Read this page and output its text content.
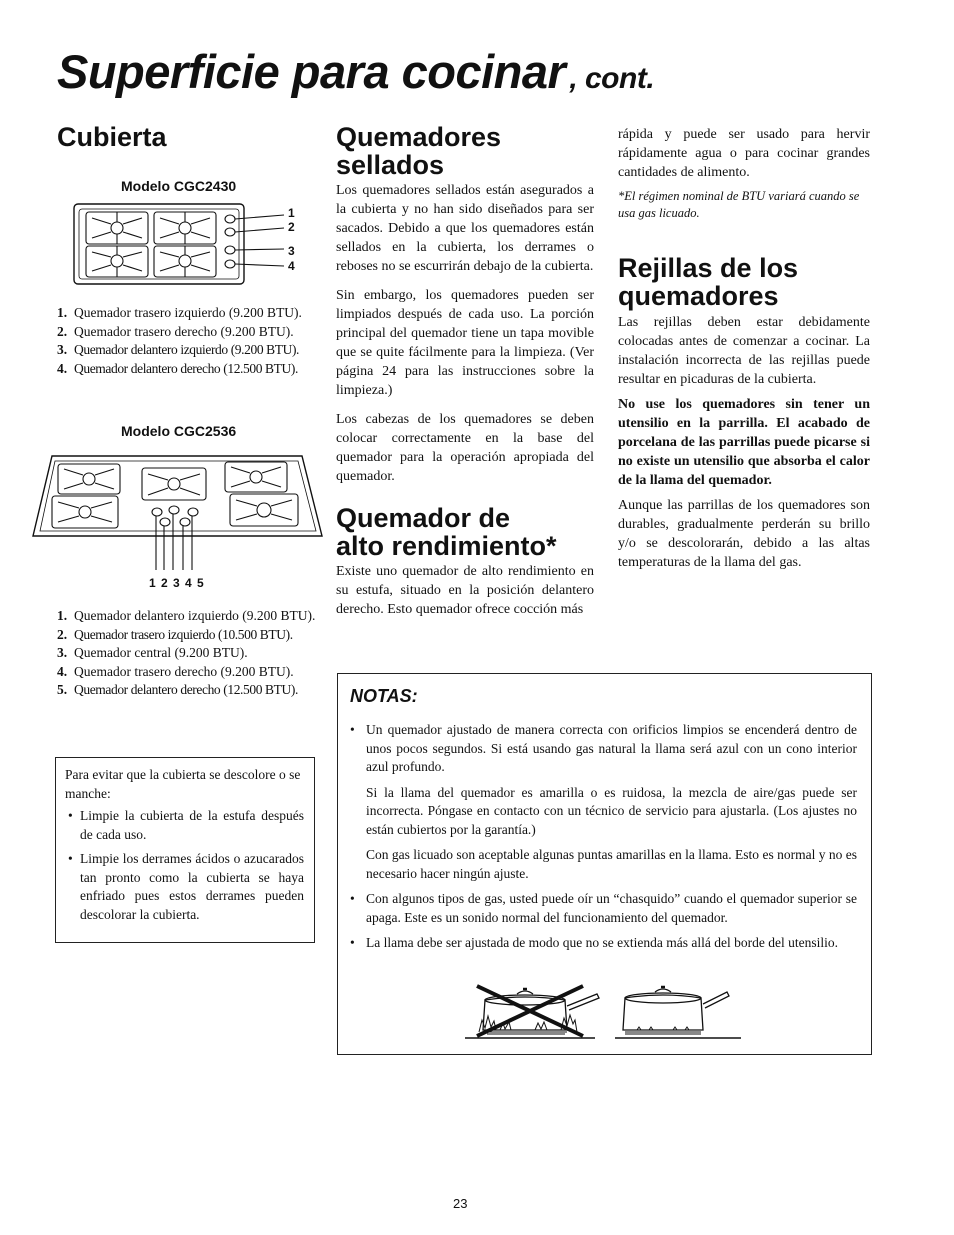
Superficie para cocinar , cont.
Cubierta
Modelo CGC2430
1
2
3
4
1. Quemador trasero izquierdo (9.200 BTU).
2. Quemador trasero derecho (9.200 BTU).
3. Quemador delantero izquierdo (9.200 BTU).
4. Quemador delantero derecho (12.500 BTU).
Modelo CGC2536
1 2 3 4 5
1. Quemador delantero izquierdo (9.200 BTU).
2. Quemador trasero izquierdo (10.500 BTU).
3. Quemador central (9.200 BTU).
4. Quemador trasero derecho (9.200 BTU).
5. Quemador delantero derecho (12.500 BTU).

Para evitar que la cubierta se descolore o se manche:

• Limpie la cubierta de la estufa después de cada uso.
• Limpie los derrames ácidos o azucarados tan pronto como la cubierta se haya enfriado pues estos derrames pueden descolorar la cubierta.
Quemadores
sellados

Los quemadores sellados están asegurados a la cubierta y no han sido diseñados para ser sacados. Debido a que los quemadores están sellados en la cubierta, los derrames o reboses no se escurrirán debajo de la cubierta.

Sin embargo, los quemadores pueden ser limpiados después de cada uso. La porción principal del quemador tiene un tapa movible que se quite fácilmente para la limpieza. (Ver página 24 para las instrucciones sobre la limpieza.)

Los cabezas de los quemadores se deben colocar correctamente en la base del quemador para la operación apropiada del quemador.

Quemador de
alto rendimiento*

Existe uno quemador de alto rendimiento en su estufa, situado en la posición delantero derecho. Esto quemador ofrece cocción más

rápida y puede ser usado para hervir rápidamente agua o para cocinar grandes cantidades de alimento.

*El régimen nominal de BTU variará cuando se usa gas licuado.

Rejillas de los
quemadores

Las rejillas deben estar debidamente colocadas antes de comenzar a cocinar. La instalación incorrecta de las rejillas puede resultar en picaduras de la cubierta.

No use los quemadores sin tener un utensilio en la parrilla. El acabado de porcelana de las parrillas puede picarse si no existe un utensilio que absorba el calor de la llama del quemador.

Aunque las parrillas de los quemadores son durables, gradualmente perderán su brillo y/o se descolorarán, debido a las altas temperaturas de la llama del gas.

NOTAS:
• Un quemador ajustado de manera correcta con orificios limpios se encenderá dentro de unos pocos segundos. Si está usando gas natural la llama será azul con un cono interior azul profundo.

Si la llama del quemador es amarilla o es ruidosa, la mezcla de aire/gas puede ser incorrecta. Póngase en contacto con un técnico de servicio para ajustarla. (Los ajustes no están cubiertos por la garantía.)

Con gas licuado son aceptable algunas puntas amarillas en la llama. Esto es normal y no es necesario hacer ningún ajuste.

• Con algunos tipos de gas, usted puede oír un “chasquido” cuando el quemador superior se apaga. Este es un sonido normal del funcionamiento del quemador.
• La llama debe ser ajustada de modo que no se extienda más allá del borde del utensilio.
23
